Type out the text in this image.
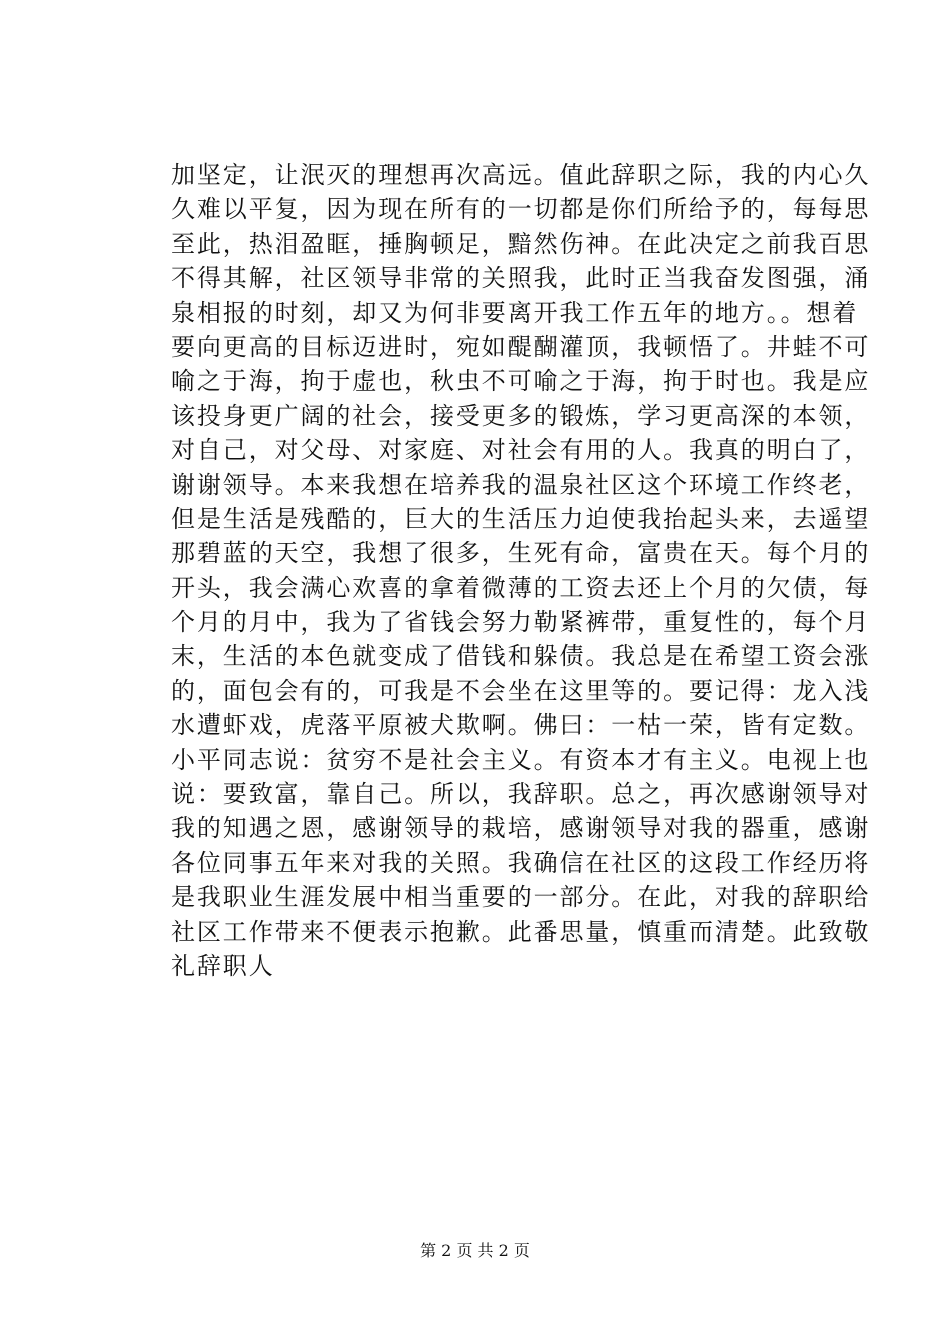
加坚定，让泯灭的理想再次高远。值此辞职之际，我的内心久
久难以平复，因为现在所有的一切都是你们所给予的，每每思
至此，热泪盈眶，捶胸顿足，黯然伤神。在此决定之前我百思
不得其解，社区领导非常的关照我，此时正当我奋发图强，涌
泉相报的时刻，却又为何非要离开我工作五年的地方。。想着
要向更高的目标迈进时，宛如醍醐灌顶，我顿悟了。井蛙不可
喻之于海，拘于虚也，秋虫不可喻之于海，拘于时也。我是应
该投身更广阔的社会，接受更多的锻炼，学习更高深的本领，
对自己，对父母、对家庭、对社会有用的人。我真的明白了，
谢谢领导。本来我想在培养我的温泉社区这个环境工作终老，
但是生活是残酷的，巨大的生活压力迫使我抬起头来，去遥望
那碧蓝的天空，我想了很多，生死有命，富贵在天。每个月的
开头，我会满心欢喜的拿着微薄的工资去还上个月的欠债，每
个月的月中，我为了省钱会努力勒紧裤带，重复性的，每个月
末，生活的本色就变成了借钱和躲债。我总是在希望工资会涨
的，面包会有的，可我是不会坐在这里等的。要记得：龙入浅
水遭虾戏，虎落平原被犬欺啊。佛曰：一枯一荣，皆有定数。
小平同志说：贫穷不是社会主义。有资本才有主义。电视上也
说：要致富，靠自己。所以，我辞职。总之，再次感谢领导对
我的知遇之恩，感谢领导的栽培，感谢领导对我的器重，感谢
各位同事五年来对我的关照。我确信在社区的这段工作经历将
是我职业生涯发展中相当重要的一部分。在此，对我的辞职给
社区工作带来不便表示抱歉。此番思量，慎重而清楚。此致敬
礼辞职人
第 2 页 共 2 页
